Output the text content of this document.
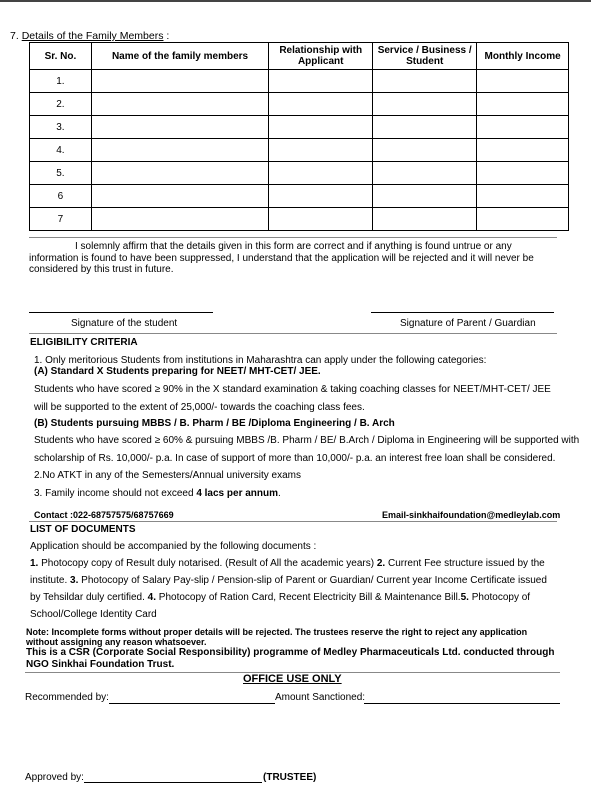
7. Details of the Family Members :
Sr. No.	Name of the family members	Relationship with Applicant	Service / Business / Student	Monthly Income
1.				
2.				
3.				
4.				
5.				
6				
7				
I solemnly affirm that the details given in this form are correct and if anything is found untrue or any
information is found to have been suppressed, I understand that the application will be rejected and it will never be
considered by this trust in future.
Signature of the student	Signature of Parent / Guardian
ELIGIBILITY CRITERIA
1. Only meritorious Students from institutions in Maharashtra can apply under the following categories:
(A) Standard X Students preparing for NEET/ MHT-CET/ JEE.
Students who have scored ≥ 90% in the X standard examination & taking coaching classes for NEET/MHT-CET/ JEE
will be supported to the extent of 25,000/- towards the coaching class fees.
(B) Students pursuing MBBS / B. Pharm / BE /Diploma Engineering / B. Arch
Students who have scored ≥ 60% & pursuing MBBS /B. Pharm / BE/ B.Arch / Diploma in Engineering will be supported with
scholarship of Rs. 10,000/- p.a. In case of support of more than 10,000/- p.a. an interest free loan shall be considered.
2.No ATKT in any of the Semesters/Annual university exams
3. Family income should not exceed 4 lacs per annum.
Contact :022-68757575/68757669	Email-sinkhaifoundation@medleylab.com
LIST OF DOCUMENTS
Application should be accompanied by the following documents :
1. Photocopy copy of Result duly notarised. (Result of All the academic years) 2. Current Fee structure issued by the
institute. 3. Photocopy of Salary Pay-slip / Pension-slip of Parent or Guardian/ Current year Income Certificate issued
by Tehsildar duly certified. 4. Photocopy of Ration Card, Recent Electricity Bill & Maintenance Bill.5. Photocopy of
School/College Identity Card
Note: Incomplete forms without proper details will be rejected. The trustees reserve the right to reject any application
without assigning any reason whatsoever.
This is a CSR (Corporate Social Responsibility) programme of Medley Pharmaceuticals Ltd. conducted through
NGO Sinkhai Foundation Trust.
OFFICE USE ONLY
Recommended by:	Amount Sanctioned:
Approved by:	(TRUSTEE)
